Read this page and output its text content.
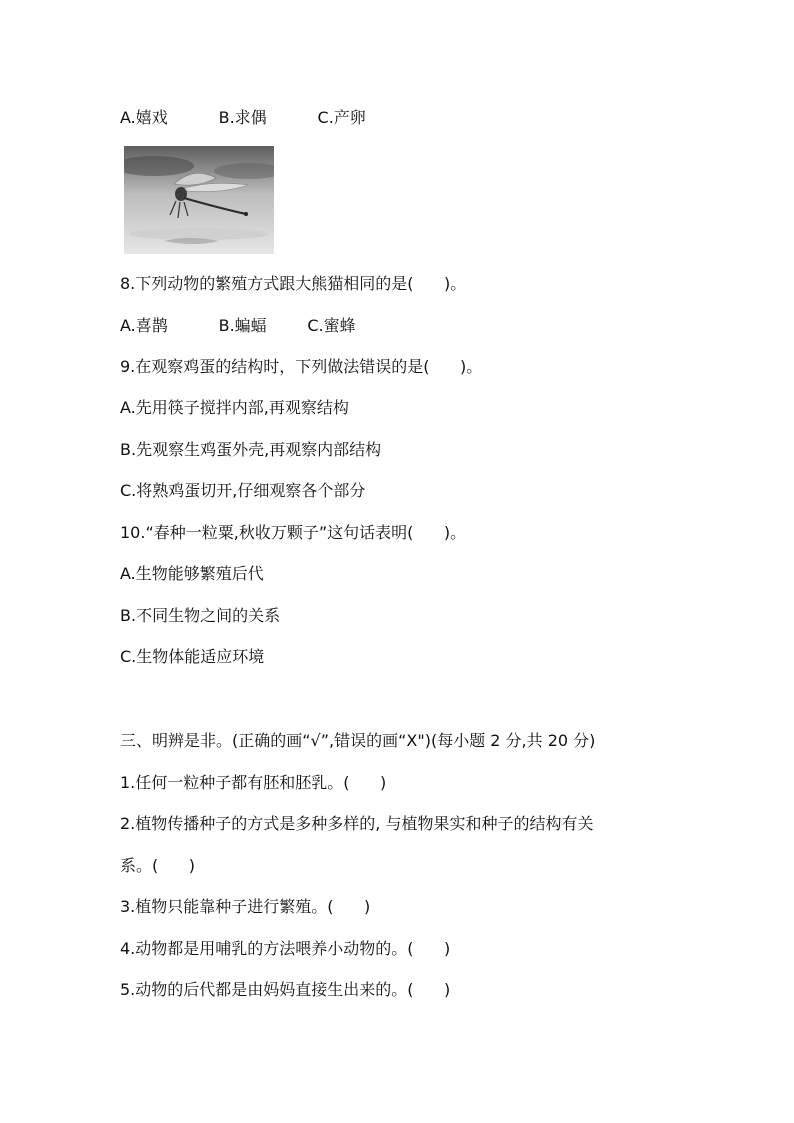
A.嬉戏          B.求偶          C.产卵
8.下列动物的繁殖方式跟大熊猫相同的是(      )。
A.喜鹊          B.蝙蝠        C.蜜蜂
9.在观察鸡蛋的结构时，下列做法错误的是(      )。
A.先用筷子搅拌内部,再观察结构
B.先观察生鸡蛋外壳,再观察内部结构
C.将熟鸡蛋切开,仔细观察各个部分
10.“春种一粒粟,秋收万颗子”这句话表明(      )。
A.生物能够繁殖后代
B.不同生物之间的关系
C.生物体能适应环境
三、明辨是非。(正确的画“√”,错误的画“X")(每小题 2 分,共 20 分)
1.任何一粒种子都有胚和胚乳。(      )
2.植物传播种子的方式是多种多样的, 与植物果实和种子的结构有关
系。(      )
3.植物只能靠种子进行繁殖。(      )
4.动物都是用哺乳的方法喂养小动物的。(      )
5.动物的后代都是由妈妈直接生出来的。(      )
